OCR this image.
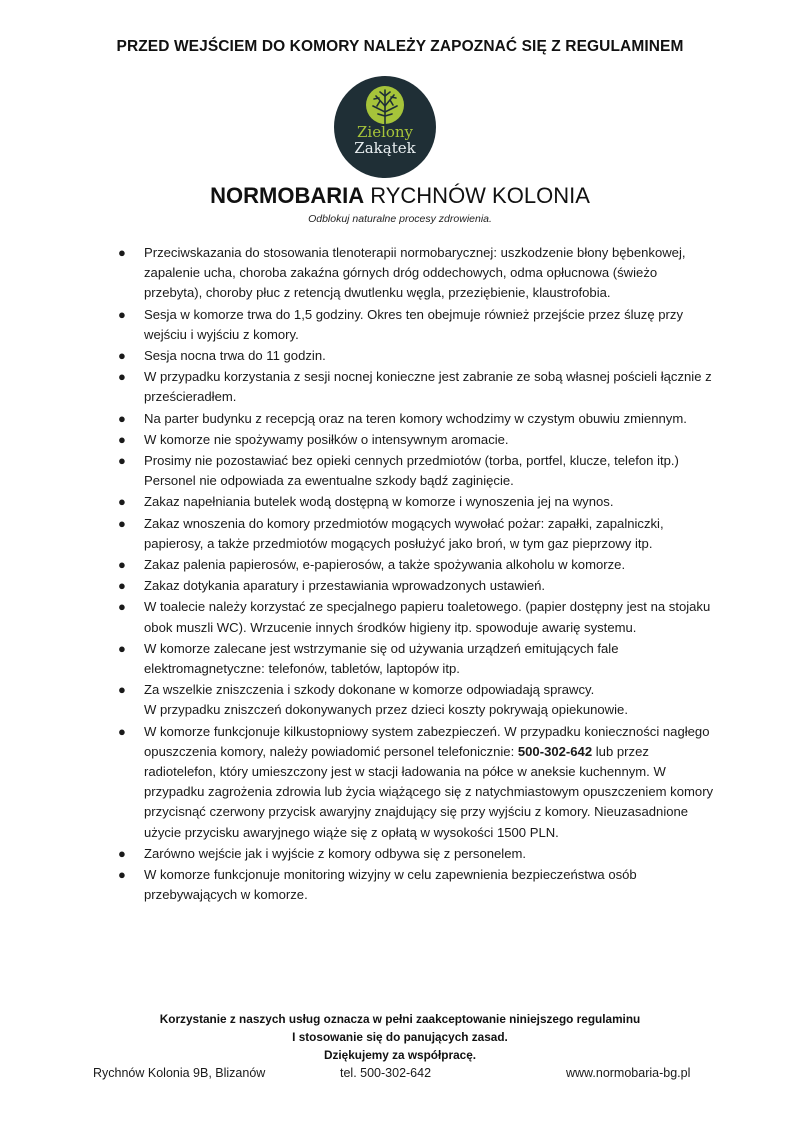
PRZED WEJŚCIEM DO KOMORY NALEŻY ZAPOZNAĆ SIĘ Z REGULAMINEM
Zielony
Zakątek
NORMOBARIA RYCHNÓW KOLONIA
Odblokuj naturalne procesy zdrowienia.
● Przeciwskazania do stosowania tlenoterapii normobarycznej: uszkodzenie błony bębenkowej, zapalenie ucha, choroba zakaźna górnych dróg oddechowych, odma opłucnowa (świeżo przebyta), choroby płuc z retencją dwutlenku węgla, przeziębienie, klaustrofobia.
● Sesja w komorze trwa do 1,5 godziny. Okres ten obejmuje również przejście przez śluzę przy wejściu i wyjściu z komory.
● Sesja nocna trwa do 11 godzin.
● W przypadku korzystania z sesji nocnej konieczne jest zabranie ze sobą własnej pościeli łącznie z prześcieradłem.
● Na parter budynku z recepcją oraz na teren komory wchodzimy w czystym obuwiu zmiennym.
● W komorze nie spożywamy posiłków o intensywnym aromacie.
● Prosimy nie pozostawiać bez opieki cennych przedmiotów (torba, portfel, klucze, telefon itp.) Personel nie odpowiada za ewentualne szkody bądź zaginięcie.
● Zakaz napełniania butelek wodą dostępną w komorze i wynoszenia jej na wynos.
● Zakaz wnoszenia do komory przedmiotów mogących wywołać pożar: zapałki, zapalniczki, papierosy, a także przedmiotów mogących posłużyć jako broń, w tym gaz pieprzowy itp.
● Zakaz palenia papierosów, e-papierosów, a także spożywania alkoholu w komorze.
● Zakaz dotykania aparatury i przestawiania wprowadzonych ustawień.
● W toalecie należy korzystać ze specjalnego papieru toaletowego. (papier dostępny jest na stojaku obok muszli WC). Wrzucenie innych środków higieny itp. spowoduje awarię systemu.
● W komorze zalecane jest wstrzymanie się od używania urządzeń emitujących fale elektromagnetyczne: telefonów, tabletów, laptopów itp.
● Za wszelkie zniszczenia i szkody dokonane w komorze odpowiadają sprawcy.
W przypadku zniszczeń dokonywanych przez dzieci koszty pokrywają opiekunowie.
● W komorze funkcjonuje kilkustopniowy system zabezpieczeń. W przypadku konieczności nagłego opuszczenia komory, należy powiadomić personel telefonicznie: 500-302-642 lub przez radiotelefon, który umieszczony jest w stacji ładowania na półce w aneksie kuchennym. W przypadku zagrożenia zdrowia lub życia wiążącego się z natychmiastowym opuszczeniem komory przycisnąć czerwony przycisk awaryjny znajdujący się przy wyjściu z komory. Nieuzasadnione użycie przycisku awaryjnego wiąże się z opłatą w wysokości 1500 PLN.
● Zarówno wejście jak i wyjście z komory odbywa się z personelem.
● W komorze funkcjonuje monitoring wizyjny w celu zapewnienia bezpieczeństwa osób przebywających w komorze.
Korzystanie z naszych usług oznacza w pełni zaakceptowanie niniejszego regulaminu
I stosowanie się do panujących zasad.
Dziękujemy za współpracę.
Rychnów Kolonia 9B, Blizanów	tel. 500-302-642	www.normobaria-bg.pl
